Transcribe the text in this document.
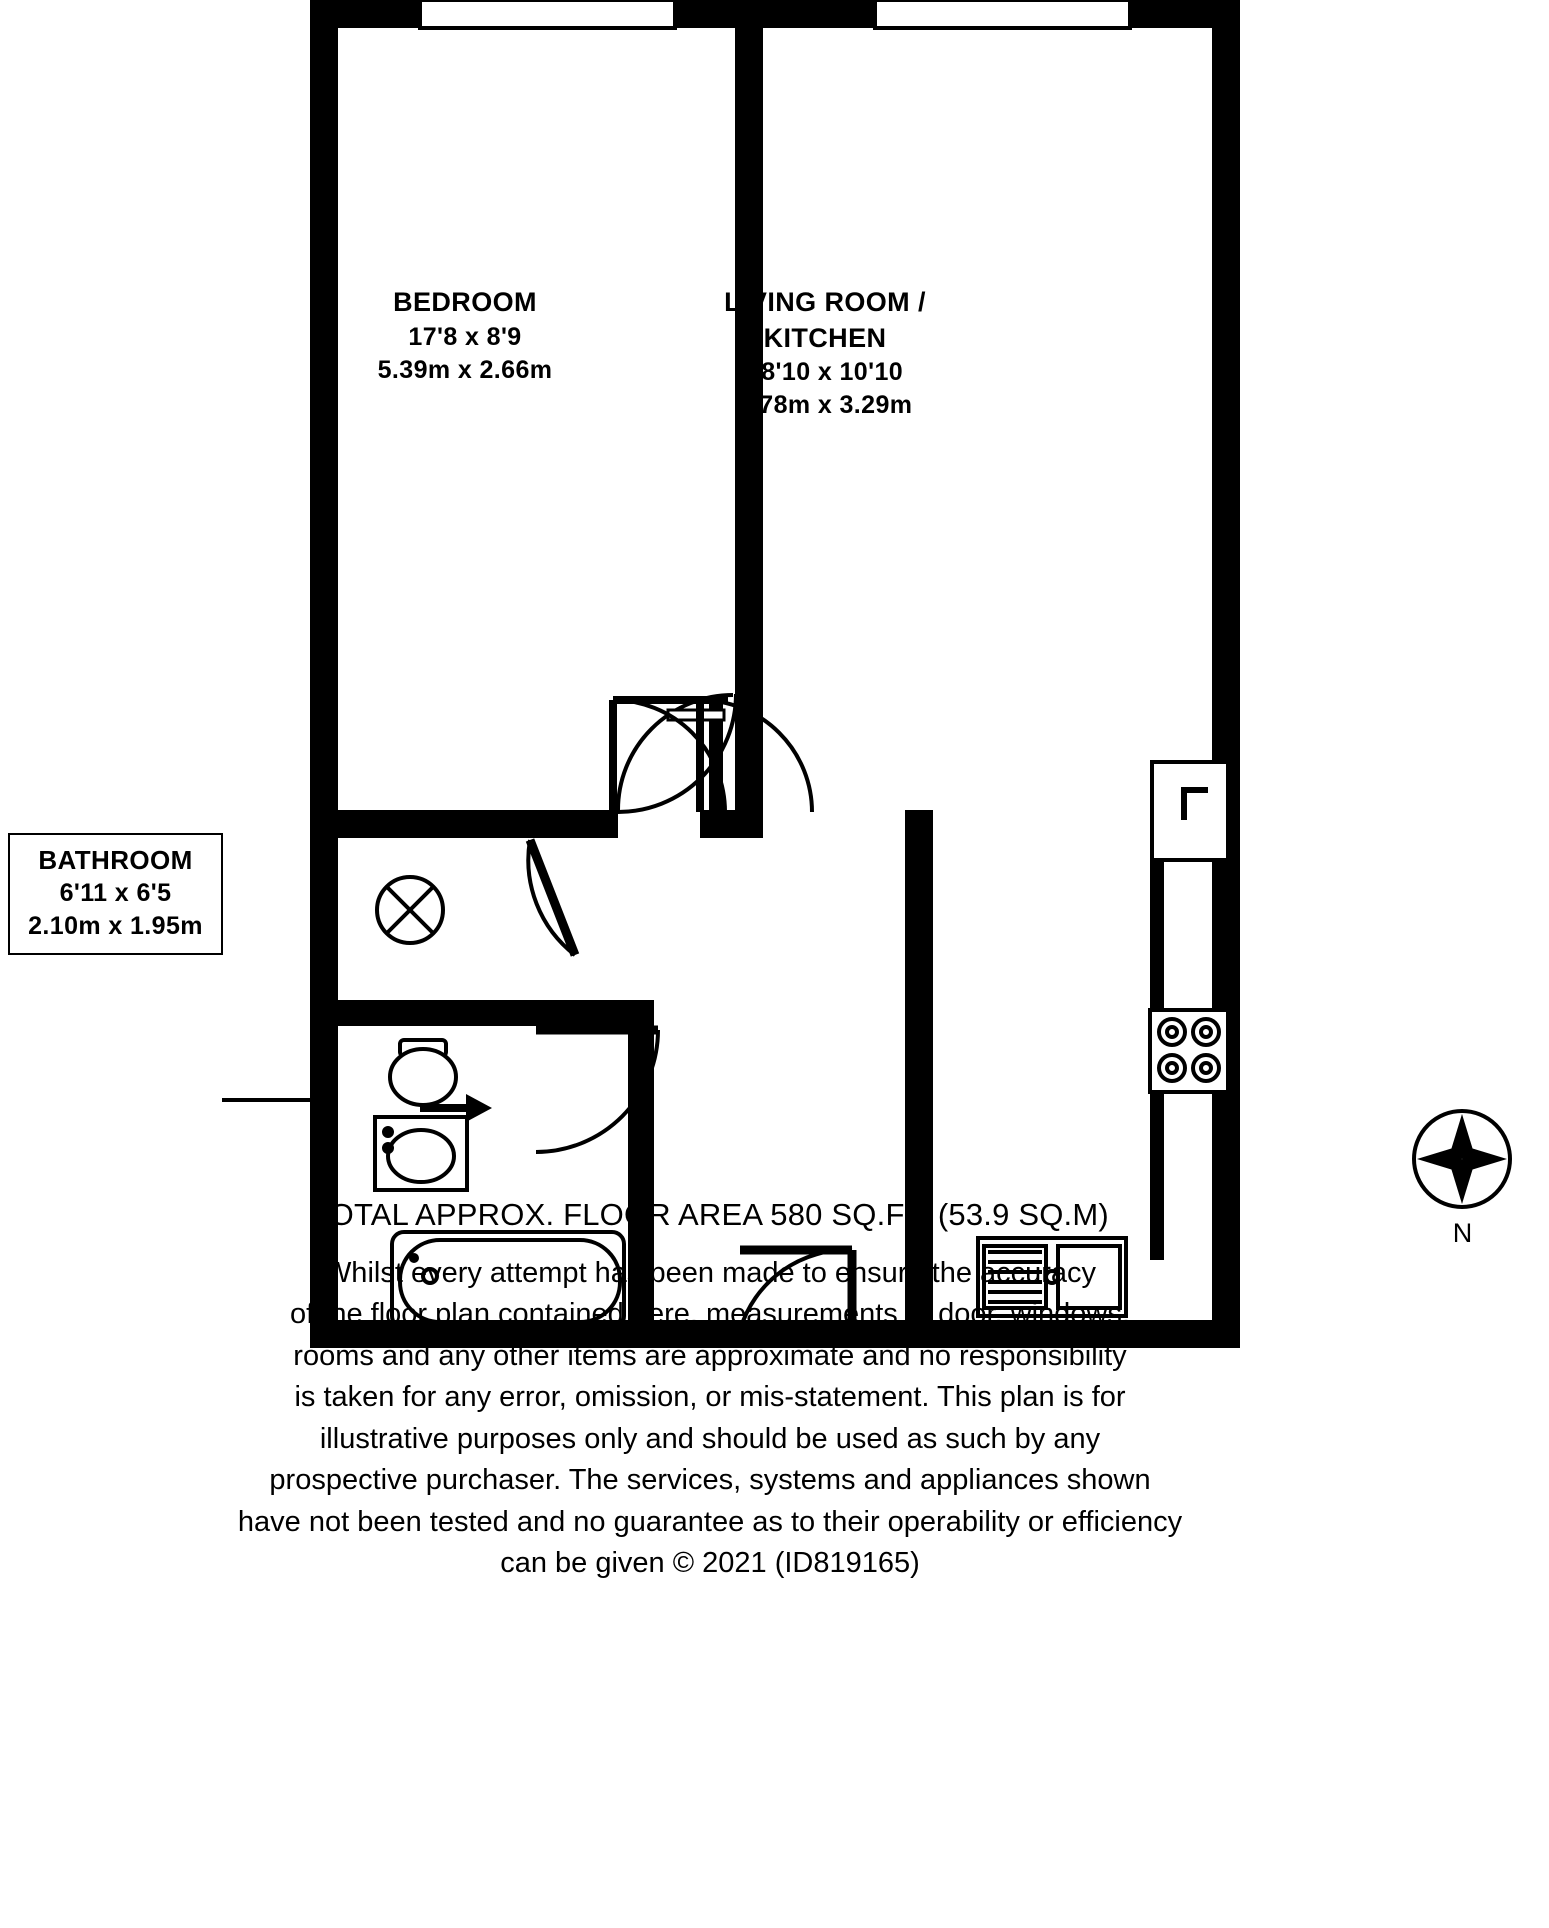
BEDROOM
17'8 x 8'9
5.39m x 2.66m
LIVING ROOM /
KITCHEN
28'10 x 10'10
8.78m x 3.29m
BATHROOM
6'11 x 6'5
2.10m x 1.95m
N
TOTAL APPROX. FLOOR AREA 580 SQ.FT. (53.9 SQ.M)
Whilst every attempt has been made to ensure the accuracy
of the floor plan contained here, measurements of door, windows,
rooms and any other items are approximate and no responsibility
is taken for any error, omission, or mis-statement. This plan is for
illustrative purposes only and should be used as such by any
prospective purchaser. The services, systems and appliances shown
have not been tested and no guarantee as to their operability or efficiency
can be given © 2021 (ID819165)
